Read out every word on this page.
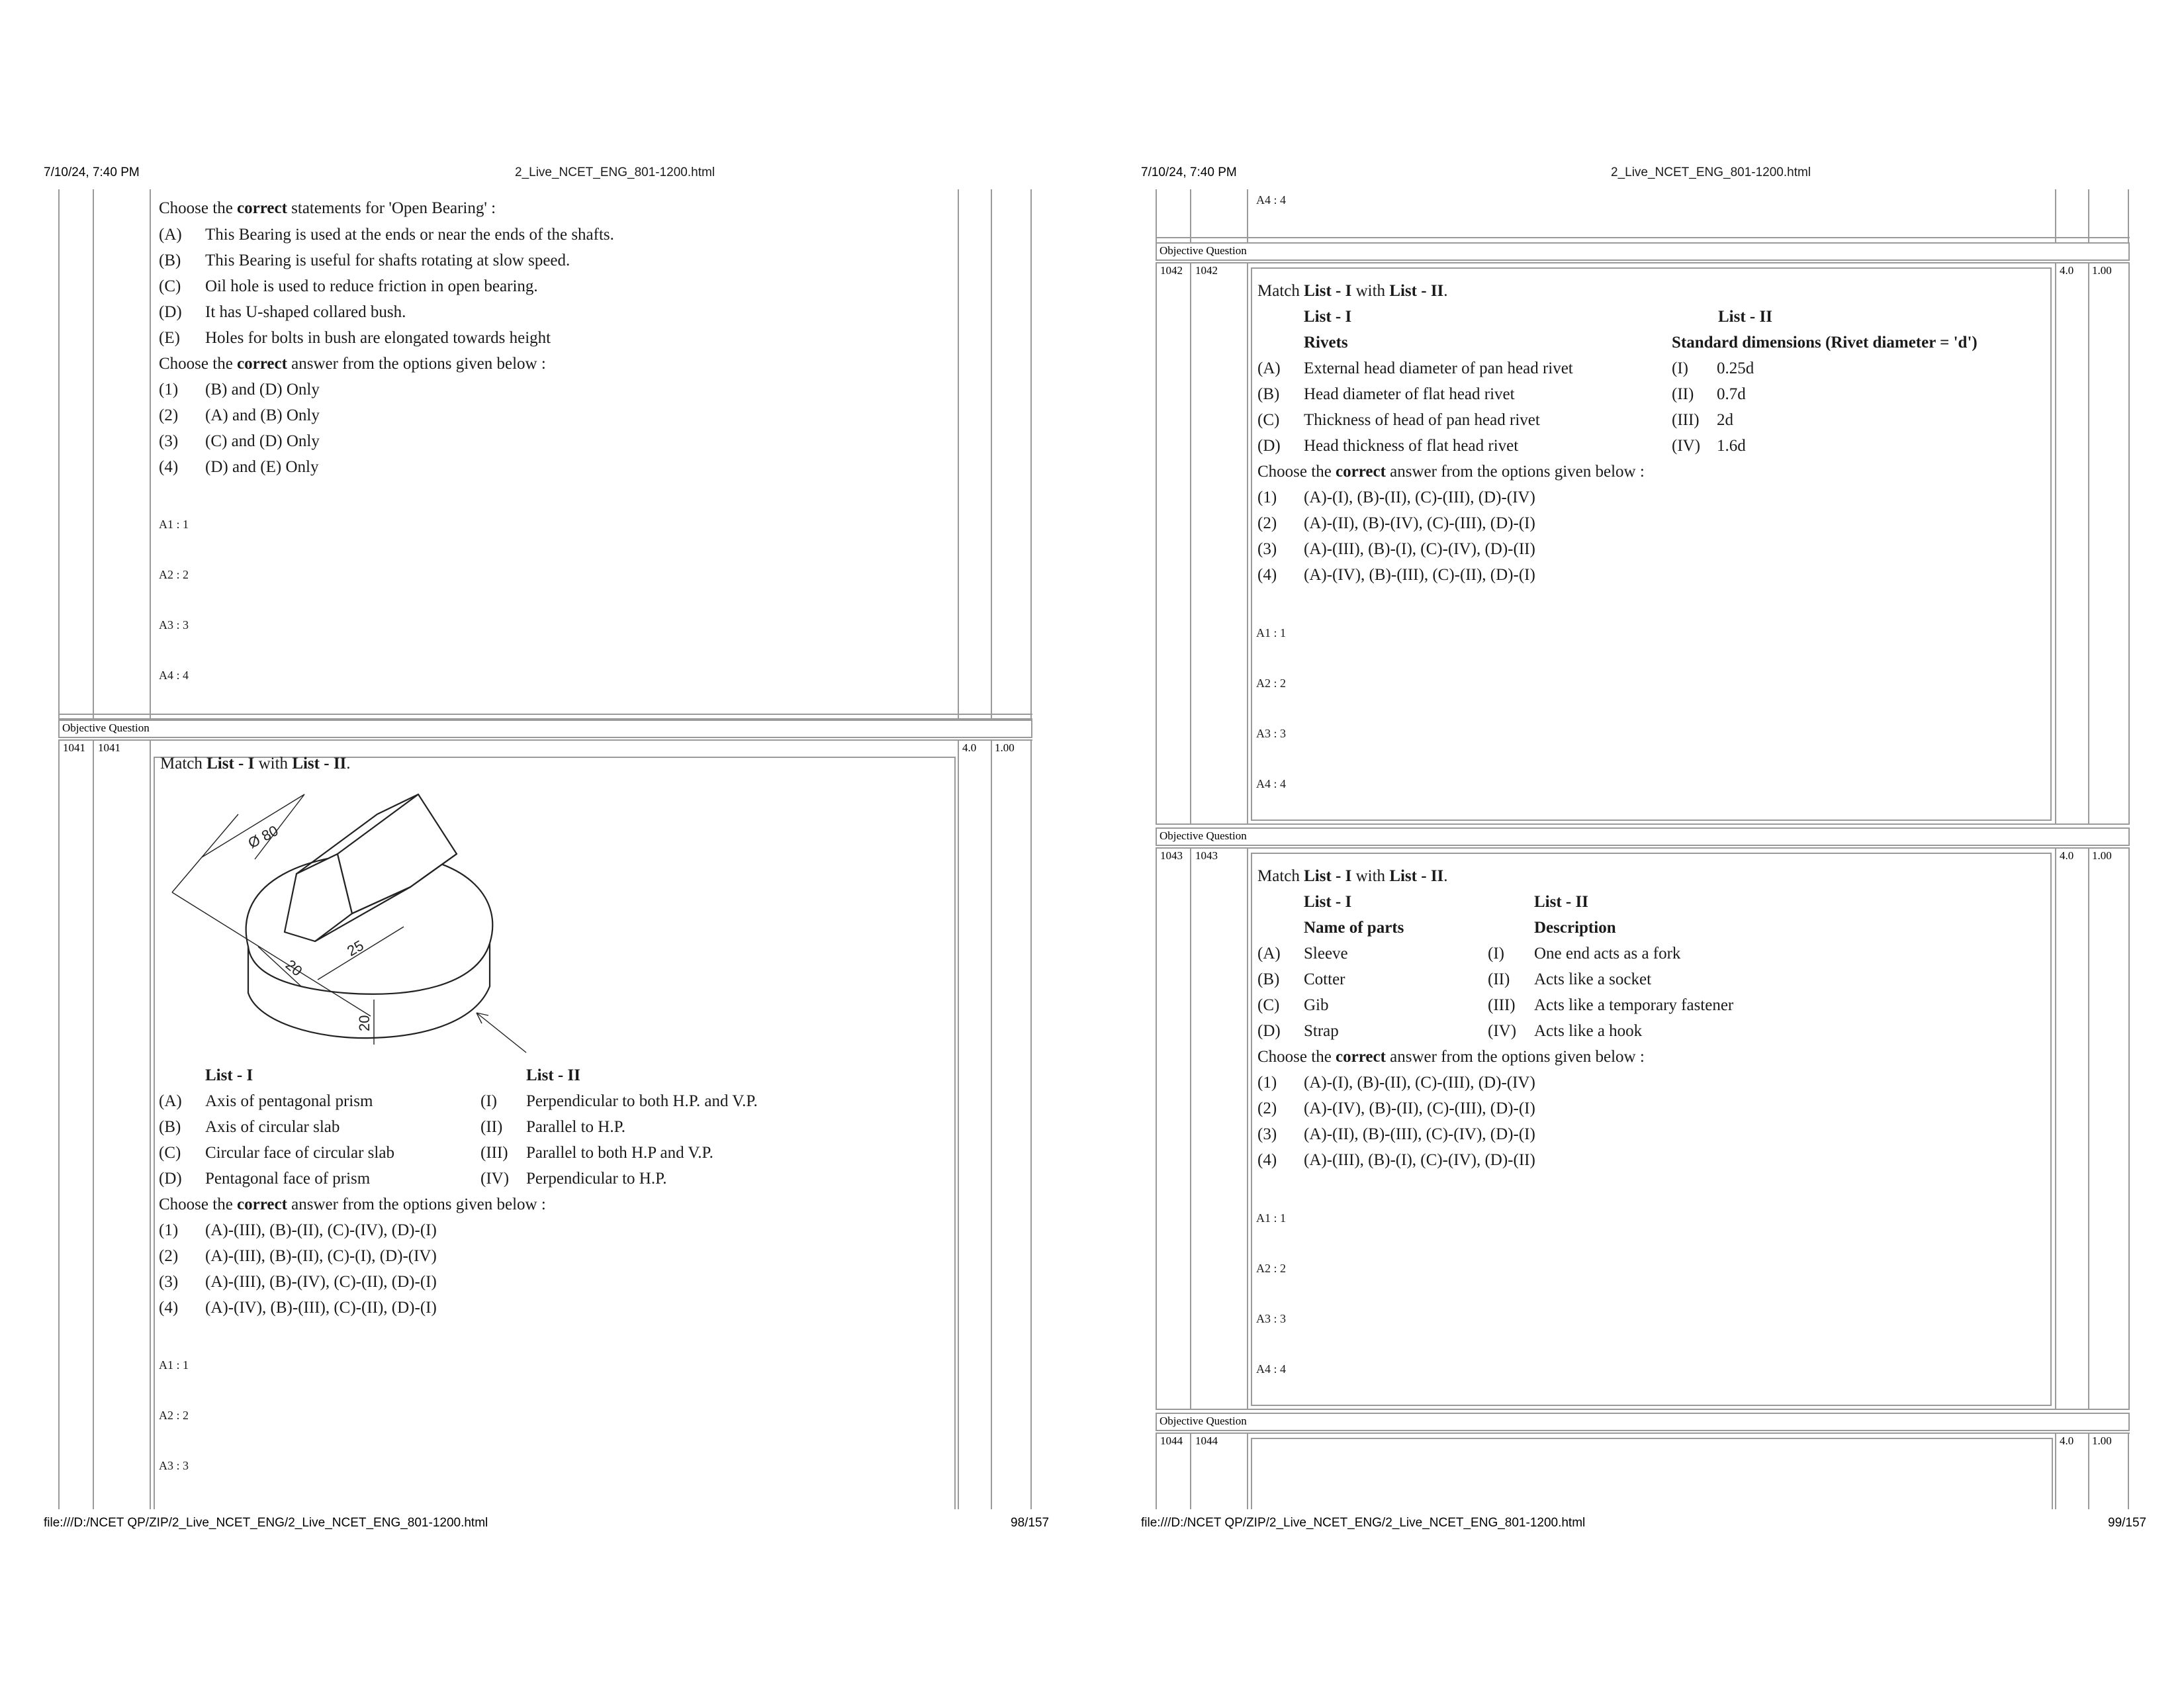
7/10/24, 7:40 PM	2_Live_NCET_ENG_801-1200.html
Choose the correct statements for 'Open Bearing' :
(A) This Bearing is used at the ends or near the ends of the shafts.
(B) This Bearing is useful for shafts rotating at slow speed.
(C) Oil hole is used to reduce friction in open bearing.
(D) It has U-shaped collared bush.
(E) Holes for bolts in bush are elongated towards height
Choose the correct answer from the options given below :
(1) (B) and (D) Only
(2) (A) and (B) Only
(3) (C) and (D) Only
(4) (D) and (E) Only
A1 : 1
A2 : 2
A3 : 3
A4 : 4
Objective Question
1041 1041	4.0 1.00
Match List - I with List - II.
Ø 80
20
25
20
List - I	List - II
(A) Axis of pentagonal prism	(I) Perpendicular to both H.P. and V.P.
(B) Axis of circular slab	(II) Parallel to H.P.
(C) Circular face of circular slab	(III) Parallel to both H.P and V.P.
(D) Pentagonal face of prism	(IV) Perpendicular to H.P.
Choose the correct answer from the options given below :
(1) (A)-(III), (B)-(II), (C)-(IV), (D)-(I)
(2) (A)-(III), (B)-(II), (C)-(I), (D)-(IV)
(3) (A)-(III), (B)-(IV), (C)-(II), (D)-(I)
(4) (A)-(IV), (B)-(III), (C)-(II), (D)-(I)
A1 : 1
A2 : 2
A3 : 3
file:///D:/NCET QP/ZIP/2_Live_NCET_ENG/2_Live_NCET_ENG_801-1200.html	98/157
7/10/24, 7:40 PM	2_Live_NCET_ENG_801-1200.html
A4 : 4
Objective Question
1042 1042	4.0 1.00
Match List - I with List - II.
List - I	List - II
Rivets	Standard dimensions (Rivet diameter = 'd')
(A) External head diameter of pan head rivet	(I) 0.25d
(B) Head diameter of flat head rivet	(II) 0.7d
(C) Thickness of head of pan head rivet	(III) 2d
(D) Head thickness of flat head rivet	(IV) 1.6d
Choose the correct answer from the options given below :
(1) (A)-(I), (B)-(II), (C)-(III), (D)-(IV)
(2) (A)-(II), (B)-(IV), (C)-(III), (D)-(I)
(3) (A)-(III), (B)-(I), (C)-(IV), (D)-(II)
(4) (A)-(IV), (B)-(III), (C)-(II), (D)-(I)
A1 : 1
A2 : 2
A3 : 3
A4 : 4
Objective Question
1043 1043	4.0 1.00
Match List - I with List - II.
List - I	List - II
Name of parts	Description
(A) Sleeve	(I) One end acts as a fork
(B) Cotter	(II) Acts like a socket
(C) Gib	(III) Acts like a temporary fastener
(D) Strap	(IV) Acts like a hook
Choose the correct answer from the options given below :
(1) (A)-(I), (B)-(II), (C)-(III), (D)-(IV)
(2) (A)-(IV), (B)-(II), (C)-(III), (D)-(I)
(3) (A)-(II), (B)-(III), (C)-(IV), (D)-(I)
(4) (A)-(III), (B)-(I), (C)-(IV), (D)-(II)
A1 : 1
A2 : 2
A3 : 3
A4 : 4
Objective Question
1044 1044	4.0 1.00
file:///D:/NCET QP/ZIP/2_Live_NCET_ENG/2_Live_NCET_ENG_801-1200.html	99/157
